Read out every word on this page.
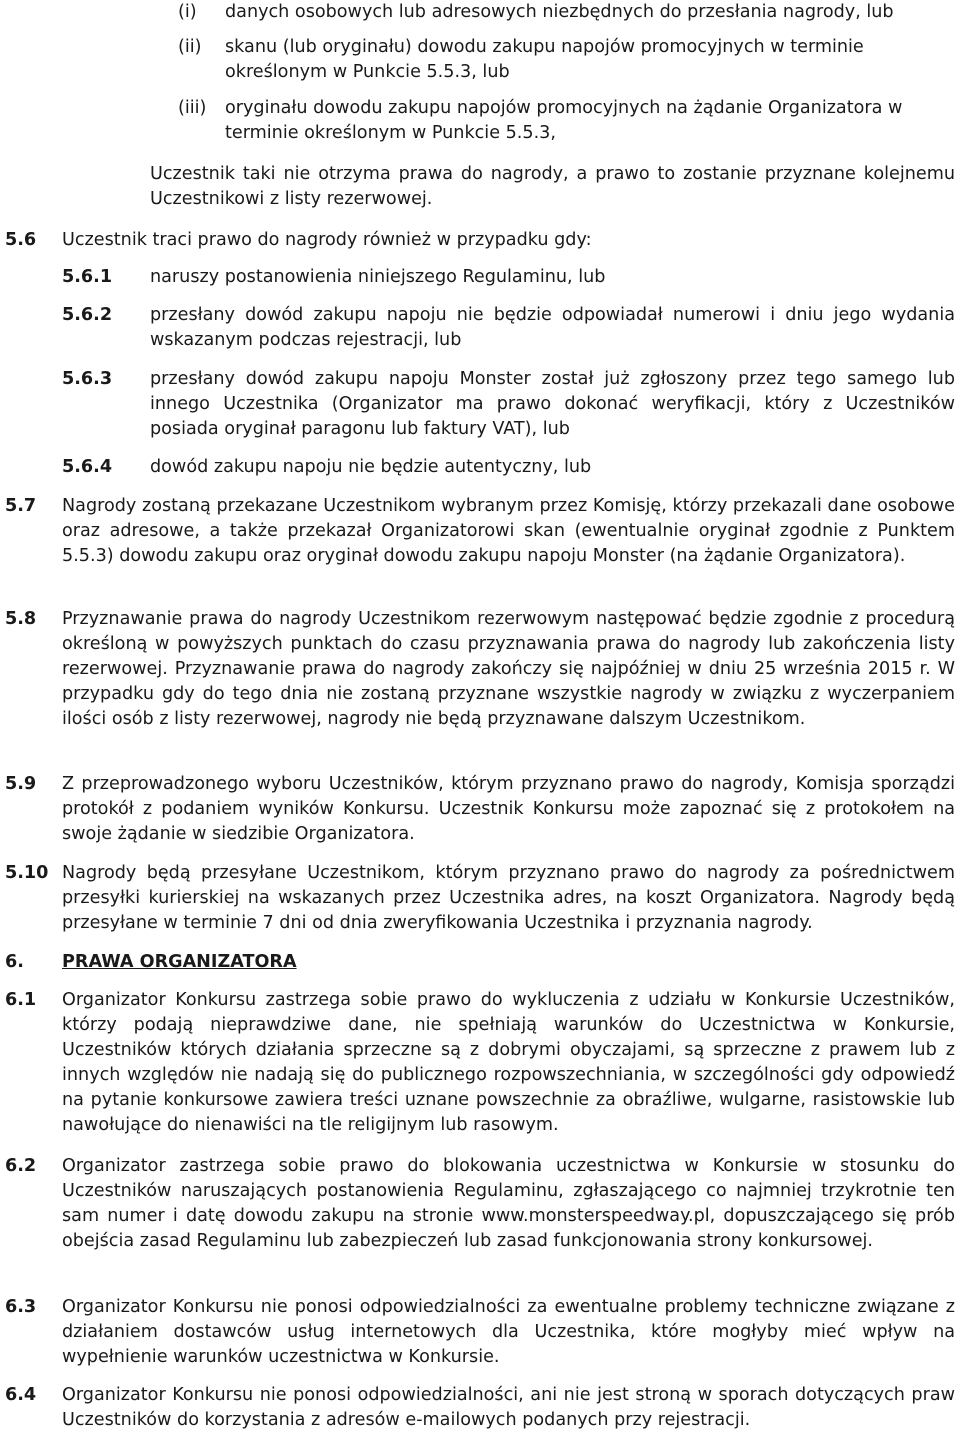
(i) danych osobowych lub adresowych niezbędnych do przesłania nagrody, lub
(ii) skanu (lub oryginału) dowodu zakupu napojów promocyjnych w terminie określonym w Punkcie 5.5.3, lub
(iii) oryginału dowodu zakupu napojów promocyjnych na żądanie Organizatora w terminie określonym w Punkcie 5.5.3,
Uczestnik taki nie otrzyma prawa do nagrody, a prawo to zostanie przyznane kolejnemu Uczestnikowi z listy rezerwowej.
5.6 Uczestnik traci prawo do nagrody również w przypadku gdy:
5.6.1 naruszy postanowienia niniejszego Regulaminu, lub
5.6.2 przesłany dowód zakupu napoju nie będzie odpowiadał numerowi i dniu jego wydania wskazanym podczas rejestracji, lub
5.6.3 przesłany dowód zakupu napoju Monster został już zgłoszony przez tego samego lub innego Uczestnika (Organizator ma prawo dokonać weryfikacji, który z Uczestników posiada oryginał paragonu lub faktury VAT), lub
5.6.4 dowód zakupu napoju nie będzie autentyczny, lub
5.7 Nagrody zostaną przekazane Uczestnikom wybranym przez Komisję, którzy przekazali dane osobowe oraz adresowe, a także przekazał Organizatorowi skan (ewentualnie oryginał zgodnie z Punktem 5.5.3) dowodu zakupu oraz oryginał dowodu zakupu napoju Monster (na żądanie Organizatora).
5.8 Przyznawanie prawa do nagrody Uczestnikom rezerwowym następować będzie zgodnie z procedurą określoną w powyższych punktach do czasu przyznawania prawa do nagrody lub zakończenia listy rezerwowej. Przyznawanie prawa do nagrody zakończy się najpóźniej w dniu 25 września 2015 r. W przypadku gdy do tego dnia nie zostaną przyznane wszystkie nagrody w związku z wyczerpaniem ilości osób z listy rezerwowej, nagrody nie będą przyznawane dalszym Uczestnikom.
5.9 Z przeprowadzonego wyboru Uczestników, którym przyznano prawo do nagrody, Komisja sporządzi protokół z podaniem wyników Konkursu. Uczestnik Konkursu może zapoznać się z protokołem na swoje żądanie w siedzibie Organizatora.
5.10 Nagrody będą przesyłane Uczestnikom, którym przyznano prawo do nagrody za pośrednictwem przesyłki kurierskiej na wskazanych przez Uczestnika adres, na koszt Organizatora. Nagrody będą przesyłane w terminie 7 dni od dnia zweryfikowania Uczestnika i przyznania nagrody.
6. PRAWA ORGANIZATORA
6.1 Organizator Konkursu zastrzega sobie prawo do wykluczenia z udziału w Konkursie Uczestników, którzy podają nieprawdziwe dane, nie spełniają warunków do Uczestnictwa w Konkursie, Uczestników których działania sprzeczne są z dobrymi obyczajami, są sprzeczne z prawem lub z innych względów nie nadają się do publicznego rozpowszechniania, w szczególności gdy odpowiedź na pytanie konkursowe zawiera treści uznane powszechnie za obraźliwe, wulgarne, rasistowskie lub nawołujące do nienawiści na tle religijnym lub rasowym.
6.2 Organizator zastrzega sobie prawo do blokowania uczestnictwa w Konkursie w stosunku do Uczestników naruszających postanowienia Regulaminu, zgłaszającego co najmniej trzykrotnie ten sam numer i datę dowodu zakupu na stronie www.monsterspeedway.pl, dopuszczającego się prób obejścia zasad Regulaminu lub zabezpieczeń lub zasad funkcjonowania strony konkursowej.
6.3 Organizator Konkursu nie ponosi odpowiedzialności za ewentualne problemy techniczne związane z działaniem dostawców usług internetowych dla Uczestnika, które mogłyby mieć wpływ na wypełnienie warunków uczestnictwa w Konkursie.
6.4 Organizator Konkursu nie ponosi odpowiedzialności, ani nie jest stroną w sporach dotyczących praw Uczestników do korzystania z adresów e-mailowych podanych przy rejestracji.
